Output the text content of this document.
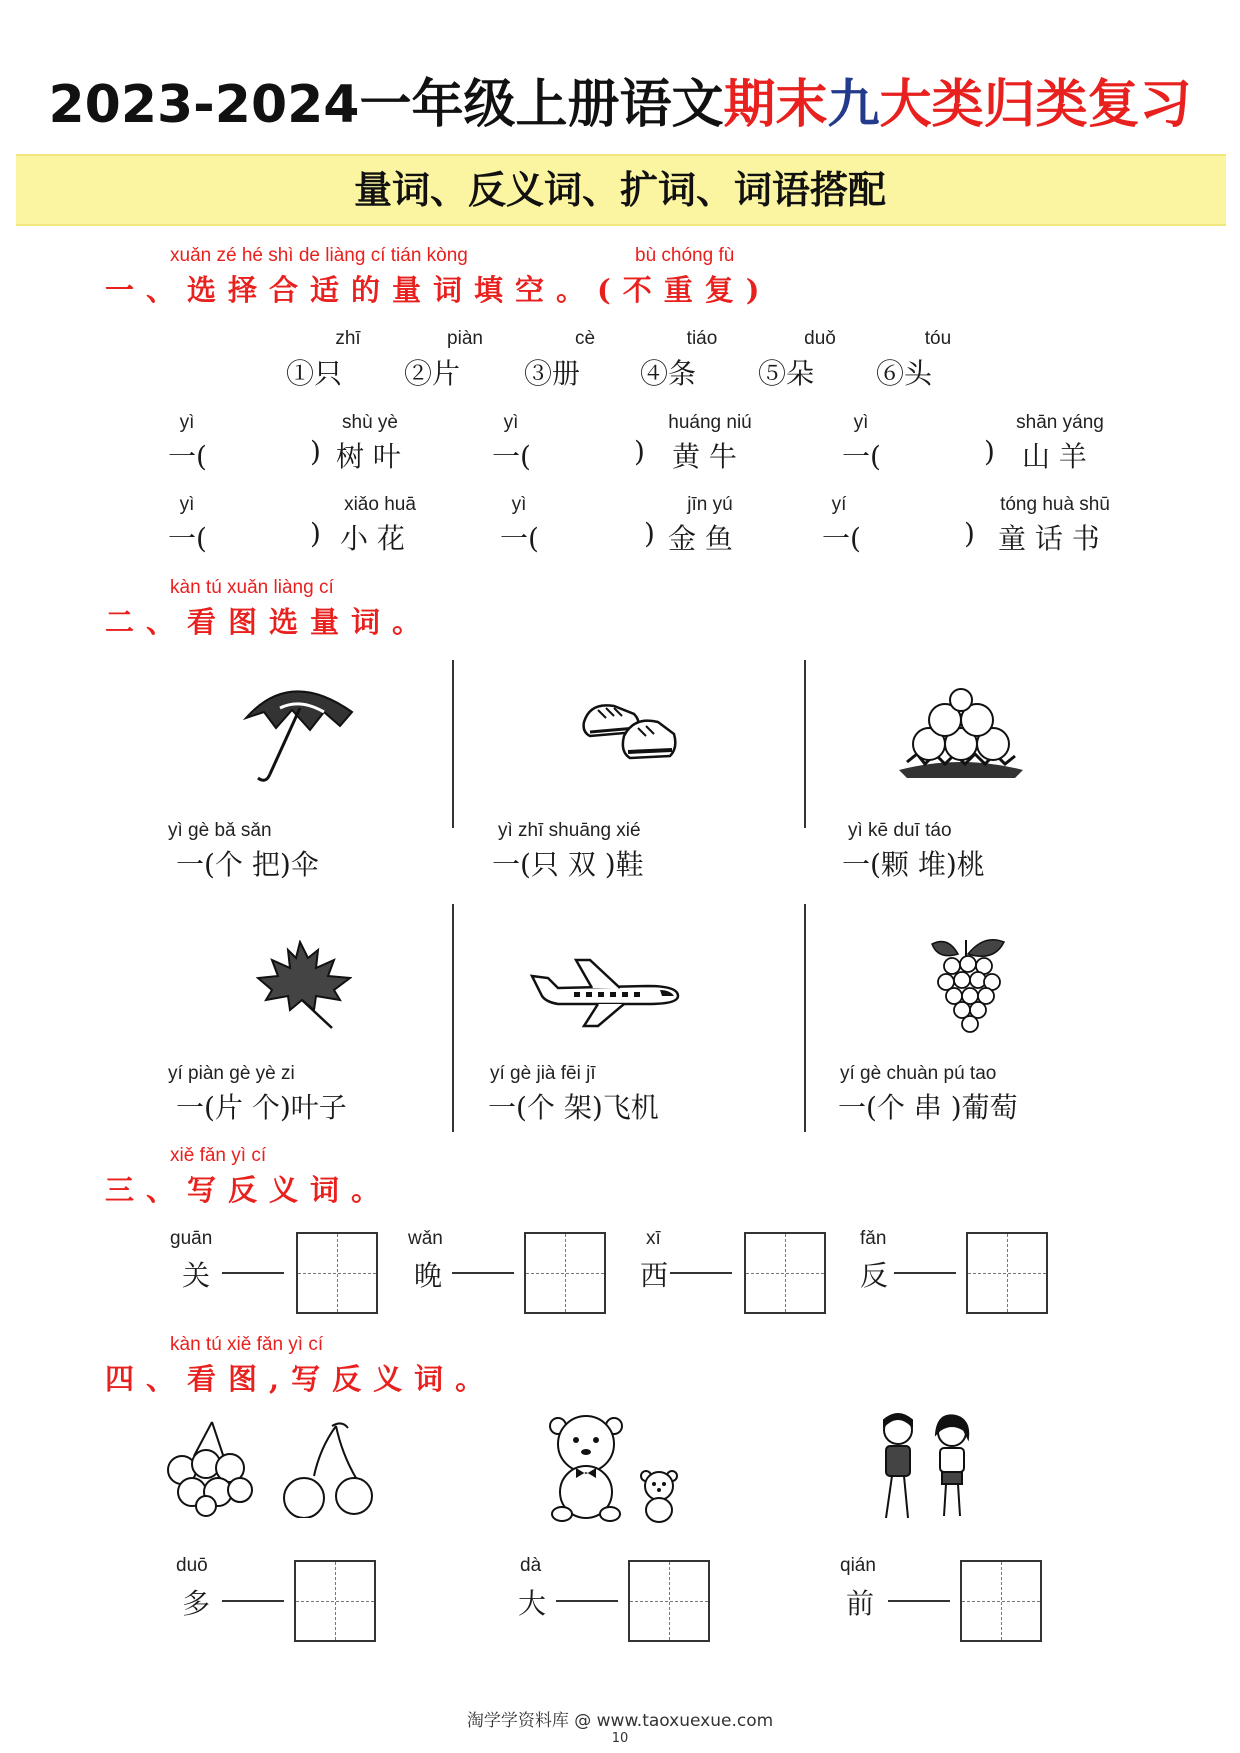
2023-2024一年级上册语文期末九大类归类复习
量词、反义词、扩词、词语搭配
xuǎn zé hé shì de liàng cí tián kòng	bù chóng fù
一、选择合适的量词填空。(不重复)
zhī
①只
piàn
②片
cè
③册
tiáo
④条
duǒ
⑤朵
tóu
⑥头
yì
一(	)
shù yè
树 叶
yì
一(	)
huáng niú
黄 牛
yì
一(	)
shān yáng
山 羊
yì
一(	)
xiǎo huā
小 花
yì
一(	)
jīn yú
金 鱼
yí
一(	)
tóng huà shū
童 话 书
kàn tú xuǎn liàng cí
二、看图选量词。
yì gè bǎ sǎn
一(个 把)伞
yì zhī shuāng xié
一(只 双 )鞋
yì kē duī táo
一(颗 堆)桃
yí piàn gè yè zi
一(片 个)叶子
yí gè jià fēi jī
一(个 架)飞机
yí gè chuàn pú tao
一(个 串 )葡萄
xiě fǎn yì cí
三、写反义词。
guān
关
wǎn
晚
xī
西
fǎn
反
kàn tú xiě fǎn yì cí
四、看图,写反义词。
duō
多
dà
大
qián
前
淘学学资料库 @ www.taoxuexue.com
10
